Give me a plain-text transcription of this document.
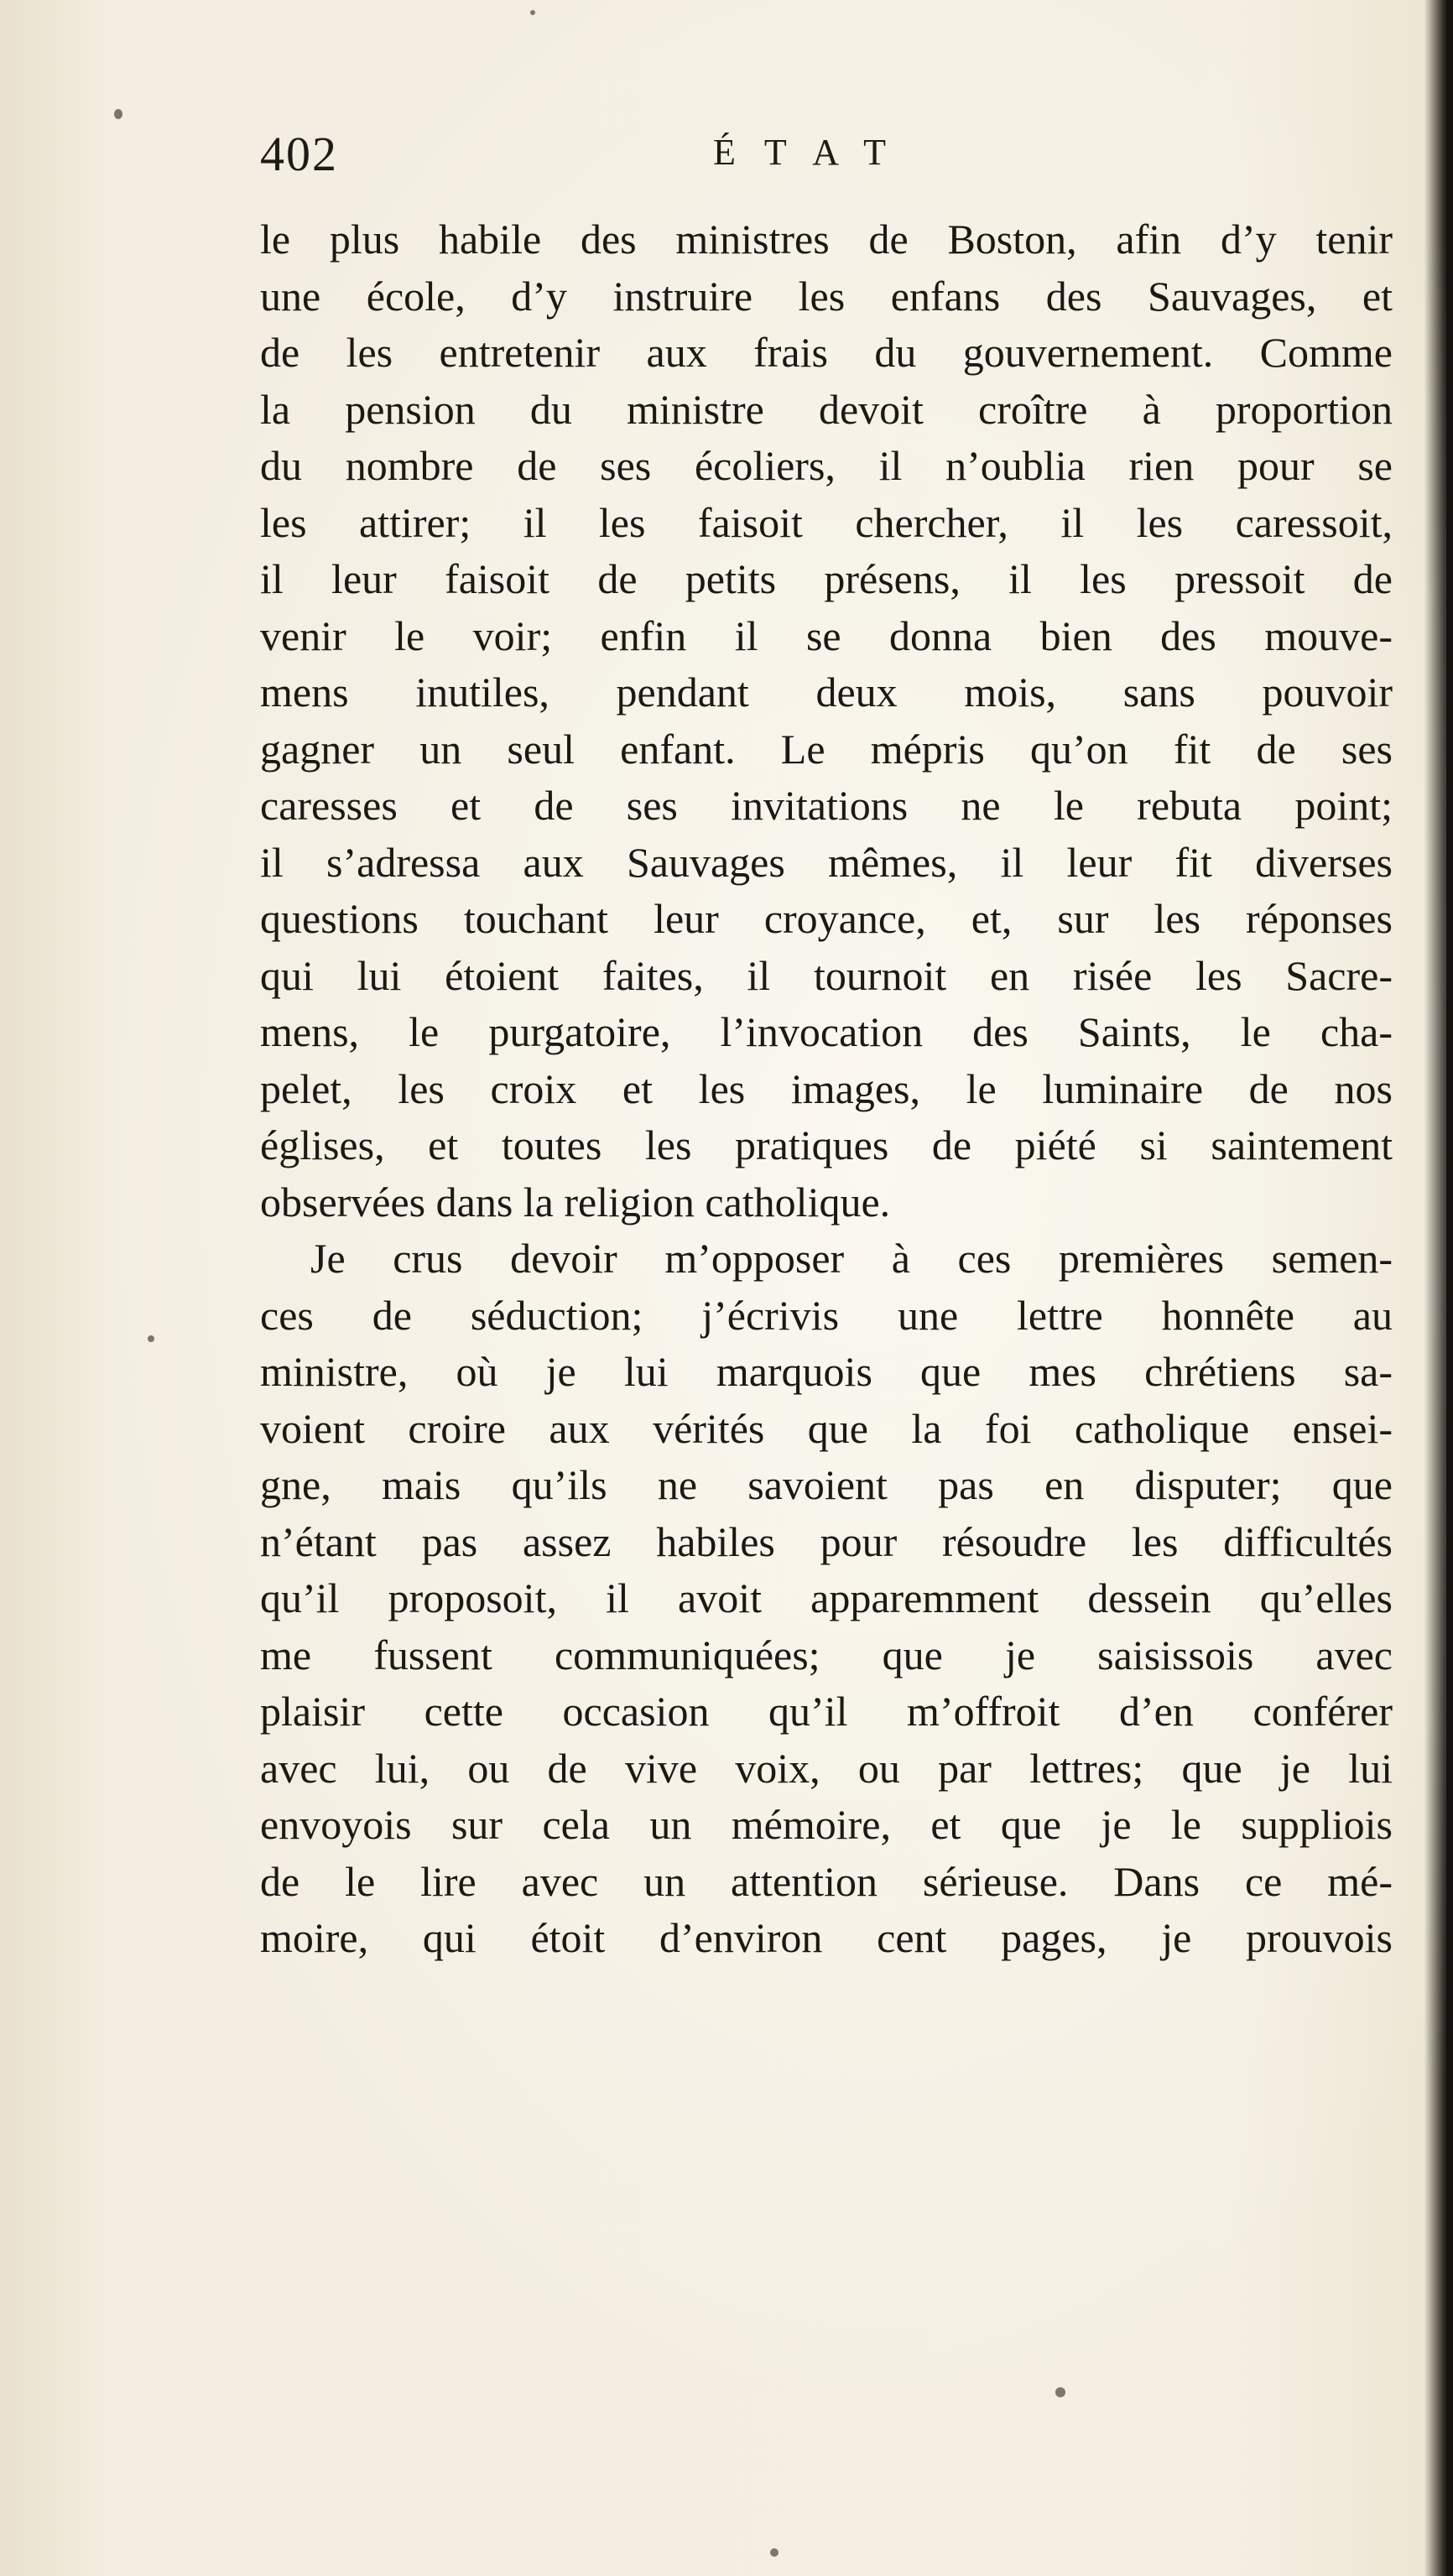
402	ÉTAT

le plus habile des ministres de Boston, afin d’y tenir
une école, d’y instruire les enfans des Sauvages, et
de les entretenir aux frais du gouvernement. Comme
la pension du ministre devoit croître à proportion
du nombre de ses écoliers, il n’oublia rien pour se
les attirer; il les faisoit chercher, il les caressoit,
il leur faisoit de petits présens, il les pressoit de
venir le voir; enfin il se donna bien des mouve-
mens inutiles, pendant deux mois, sans pouvoir
gagner un seul enfant. Le mépris qu’on fit de ses
caresses et de ses invitations ne le rebuta point;
il s’adressa aux Sauvages mêmes, il leur fit diverses
questions touchant leur croyance, et, sur les réponses
qui lui étoient faites, il tournoit en risée les Sacre-
mens, le purgatoire, l’invocation des Saints, le cha-
pelet, les croix et les images, le luminaire de nos
églises, et toutes les pratiques de piété si saintement
observées dans la religion catholique.

Je crus devoir m’opposer à ces premières semen-
ces de séduction; j’écrivis une lettre honnête au
ministre, où je lui marquois que mes chrétiens sa-
voient croire aux vérités que la foi catholique ensei-
gne, mais qu’ils ne savoient pas en disputer; que
n’étant pas assez habiles pour résoudre les difficultés
qu’il proposoit, il avoit apparemment dessein qu’elles
me fussent communiquées; que je saisissois avec
plaisir cette occasion qu’il m’offroit d’en conférer
avec lui, ou de vive voix, ou par lettres; que je lui
envoyois sur cela un mémoire, et que je le suppliois
de le lire avec un attention sérieuse. Dans ce mé-
moire, qui étoit d’environ cent pages, je prouvois
